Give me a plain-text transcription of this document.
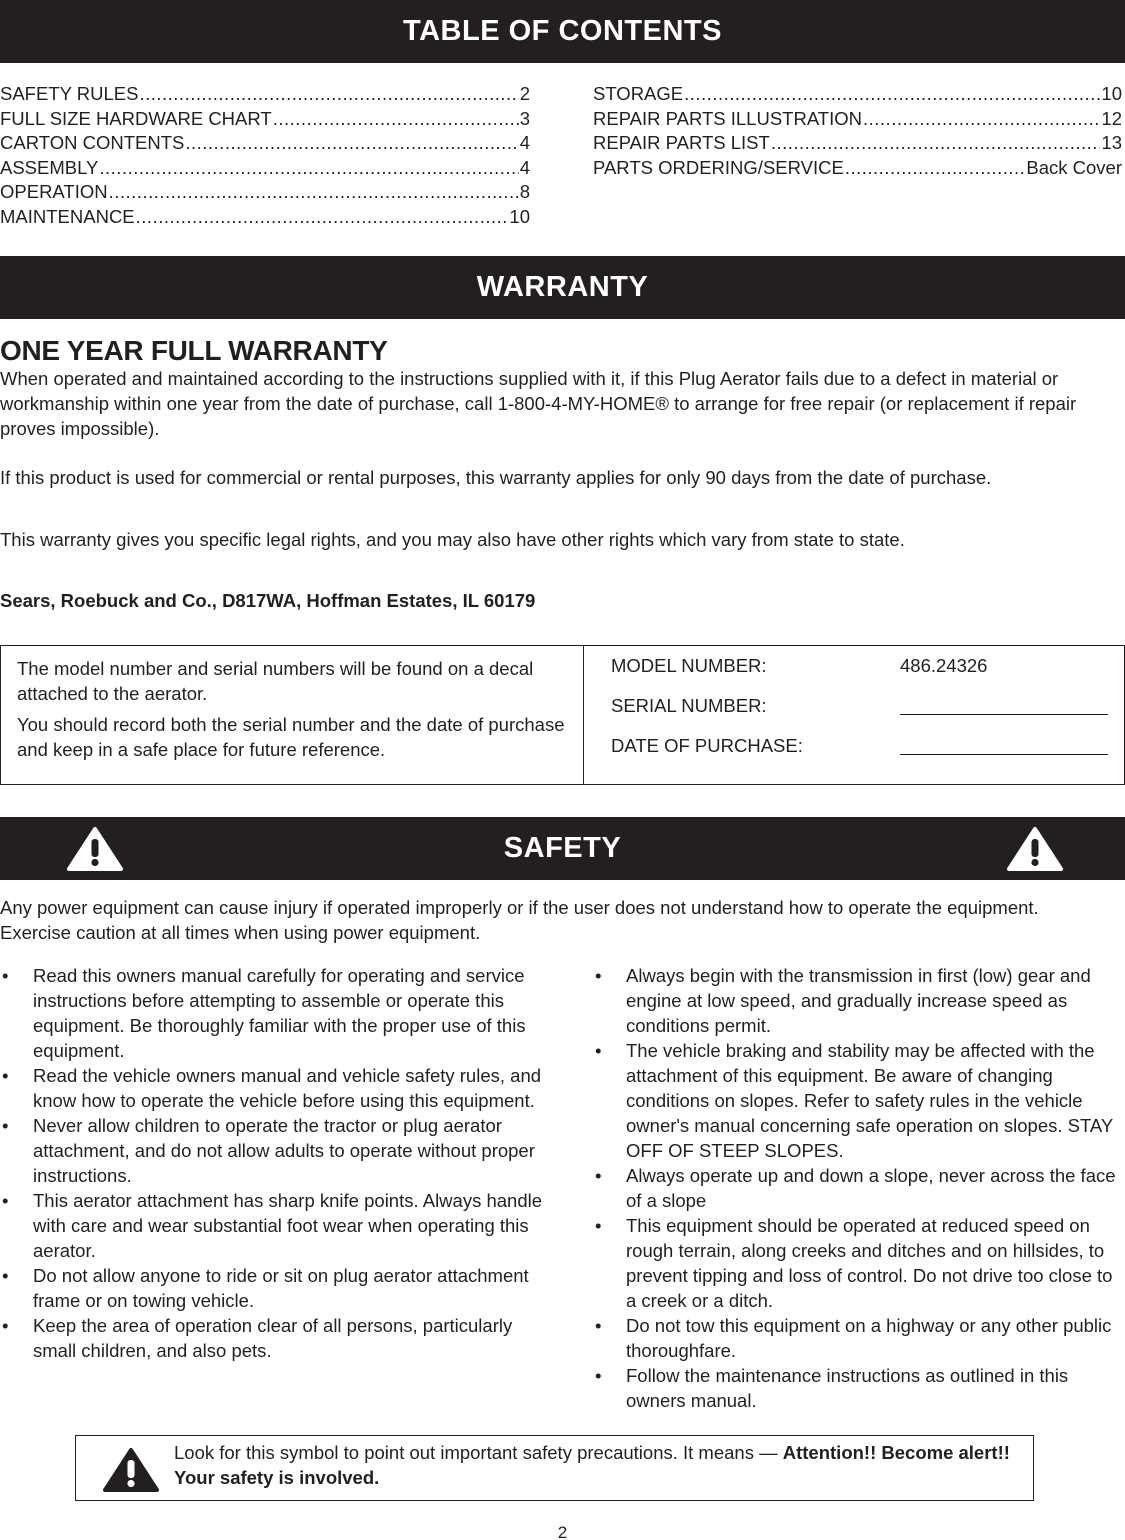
TABLE OF CONTENTS
SAFETY RULES .....	2
FULL SIZE HARDWARE CHART .....	3
CARTON CONTENTS .....	4
ASSEMBLY .....	4
OPERATION .....	8
MAINTENANCE .....	10
STORAGE .....	10
REPAIR PARTS ILLUSTRATION .....	12
REPAIR PARTS LIST .....	13
PARTS ORDERING/SERVICE .....	Back Cover
WARRANTY
ONE YEAR FULL WARRANTY

When operated and maintained according to the instructions supplied with it, if this Plug Aerator fails due to a defect in material or workmanship within one year from the date of purchase, call 1-800-4-MY-HOME® to arrange for free repair (or replacement if repair proves impossible).

If this product is used for commercial or rental purposes, this warranty applies for only 90 days from the date of purchase.

This warranty gives you specific legal rights, and you may also have other rights which vary from state to state.

Sears, Roebuck and Co., D817WA, Hoffman Estates, IL 60179

The model number and serial numbers will be found on a decal attached to the aerator.

You should record both the serial number and the date of purchase and keep in a safe place for future reference.

MODEL NUMBER:	486.24326
SERIAL NUMBER:
DATE OF PURCHASE:
SAFETY

Any power equipment can cause injury if operated improperly or if the user does not understand how to operate the equipment. Exercise caution at all times when using power equipment.

• Read this owners manual carefully for operating and service instructions before attempting to assemble or operate this equipment. Be thoroughly familiar with the proper use of this equipment.
• Read the vehicle owners manual and vehicle safety rules, and know how to operate the vehicle before using this equipment.
• Never allow children to operate the tractor or plug aerator attachment, and do not allow adults to operate without proper instructions.
• This aerator attachment has sharp knife points. Always handle with care and wear substantial foot wear when operating this aerator.
• Do not allow anyone to ride or sit on plug aerator attachment frame or on towing vehicle.
• Keep the area of operation clear of all persons, particularly small children, and also pets.
• Always begin with the transmission in first (low) gear and engine at low speed, and gradually increase speed as conditions permit.
• The vehicle braking and stability may be affected with the attachment of this equipment. Be aware of changing conditions on slopes. Refer to safety rules in the vehicle owner's manual concerning safe operation on slopes. STAY OFF OF STEEP SLOPES.
• Always operate up and down a slope, never across the face of a slope
• This equipment should be operated at reduced speed on rough terrain, along creeks and ditches and on hillsides, to prevent tipping and loss of control. Do not drive too close to a creek or a ditch.
• Do not tow this equipment on a highway or any other public thoroughfare.
• Follow the maintenance instructions as outlined in this owners manual.

Look for this symbol to point out important safety precautions. It means — Attention!! Become alert!! Your safety is involved.

2
